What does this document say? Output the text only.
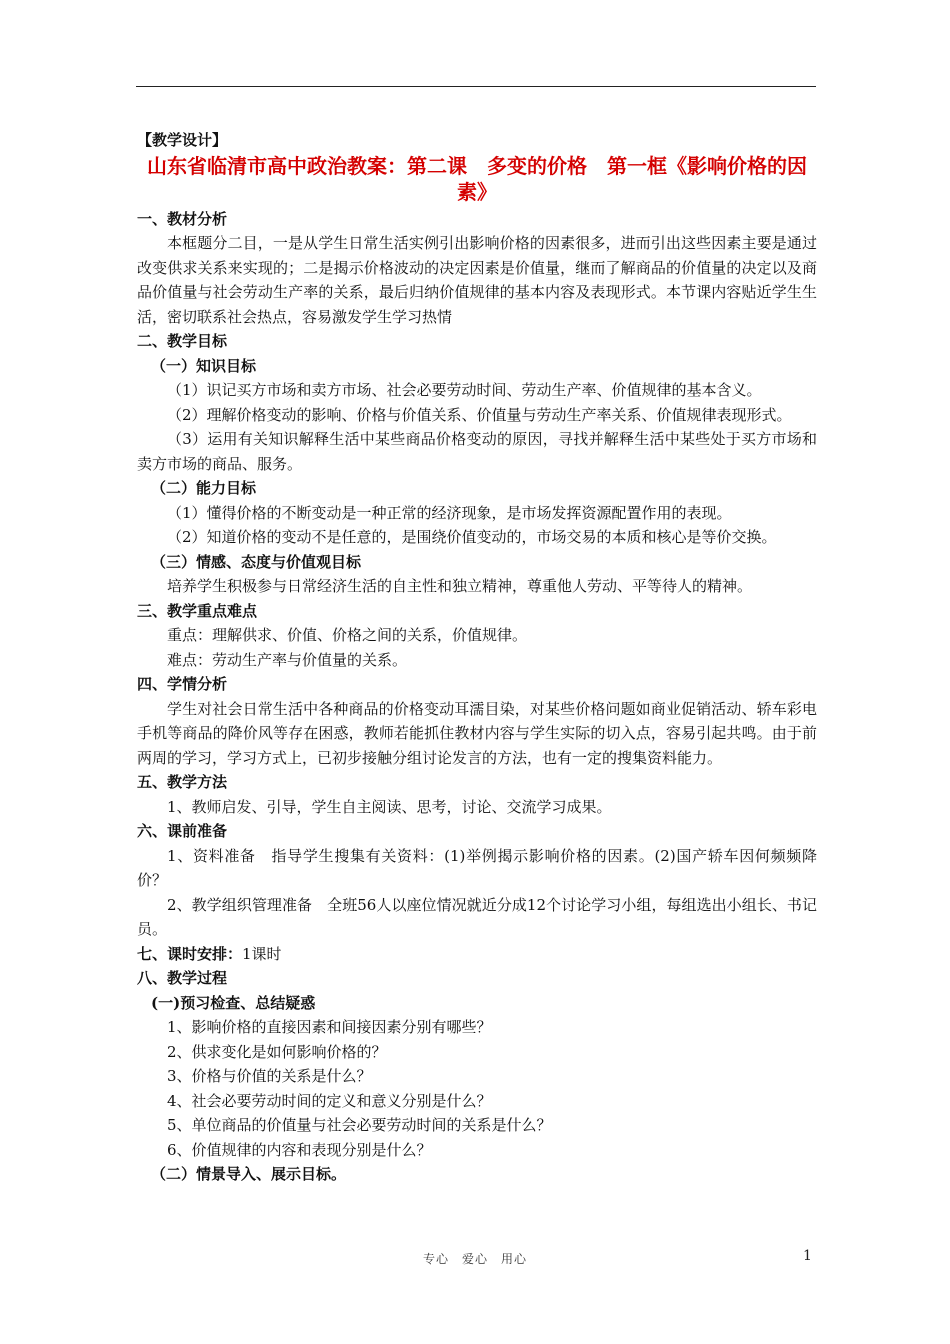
【教学设计】
山东省临清市高中政治教案：第二课　多变的价格　第一框《影响价格的因素》
一、教材分析
本框题分二目，一是从学生日常生活实例引出影响价格的因素很多，进而引出这些因素主要是通过改变供求关系来实现的；二是揭示价格波动的决定因素是价值量，继而了解商品的价值量的决定以及商品价值量与社会劳动生产率的关系，最后归纳价值规律的基本内容及表现形式。本节课内容贴近学生生活，密切联系社会热点，容易激发学生学习热情
二、教学目标
（一）知识目标
（1）识记买方市场和卖方市场、社会必要劳动时间、劳动生产率、价值规律的基本含义。
（2）理解价格变动的影响、价格与价值关系、价值量与劳动生产率关系、价值规律表现形式。
（3）运用有关知识解释生活中某些商品价格变动的原因，寻找并解释生活中某些处于买方市场和卖方市场的商品、服务。
（二）能力目标
（1）懂得价格的不断变动是一种正常的经济现象，是市场发挥资源配置作用的表现。
（2）知道价格的变动不是任意的，是围绕价值变动的，市场交易的本质和核心是等价交换。
（三）情感、态度与价值观目标
培养学生积极参与日常经济生活的自主性和独立精神，尊重他人劳动、平等待人的精神。
三、教学重点难点
重点：理解供求、价值、价格之间的关系，价值规律。
难点：劳动生产率与价值量的关系。
四、学情分析
学生对社会日常生活中各种商品的价格变动耳濡目染，对某些价格问题如商业促销活动、轿车彩电手机等商品的降价风等存在困惑，教师若能抓住教材内容与学生实际的切入点，容易引起共鸣。由于前两周的学习，学习方式上，已初步接触分组讨论发言的方法，也有一定的搜集资料能力。
五、教学方法
1、教师启发、引导，学生自主阅读、思考，讨论、交流学习成果。
六、课前准备
1、资料准备　指导学生搜集有关资料：(1)举例揭示影响价格的因素。(2)国产轿车因何频频降价？
2、教学组织管理准备　全班56人以座位情况就近分成12个讨论学习小组，每组选出小组长、书记员。
七、课时安排：1课时
八、教学过程
(一)预习检查、总结疑惑
1、影响价格的直接因素和间接因素分别有哪些？
2、供求变化是如何影响价格的？
3、价格与价值的关系是什么？
4、社会必要劳动时间的定义和意义分别是什么？
5、单位商品的价值量与社会必要劳动时间的关系是什么？
6、价值规律的内容和表现分别是什么？
（二）情景导入、展示目标。
专心　爱心　用心	1
